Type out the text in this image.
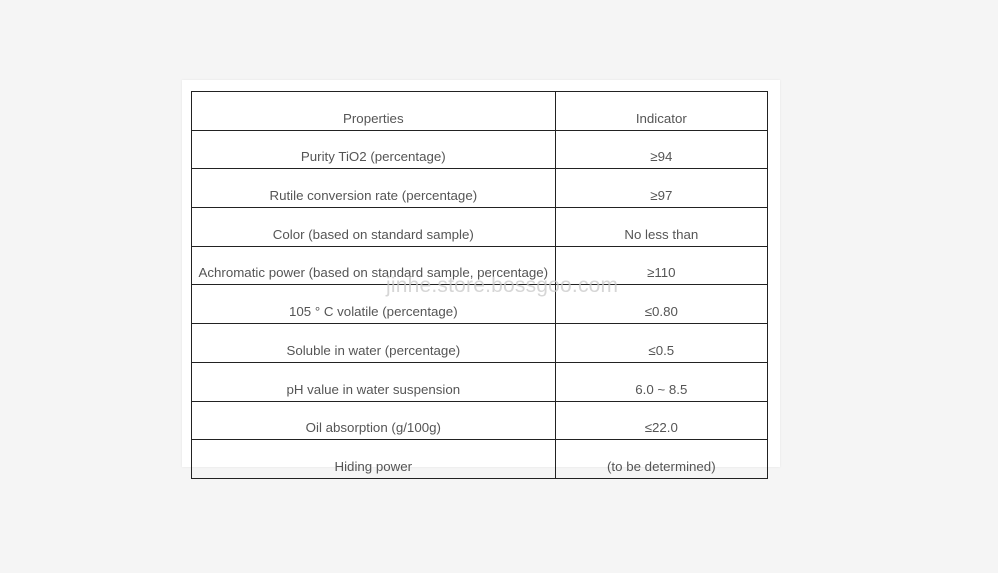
Properties	Indicator
Purity TiO2 (percentage)	≥94
Rutile conversion rate (percentage)	≥97
Color (based on standard sample)	No less than
Achromatic power (based on standard sample, percentage)	≥110
105 ° C volatile (percentage)	≤0.80
Soluble in water (percentage)	≤0.5
pH value in water suspension	6.0 ~ 8.5
Oil absorption (g/100g)	≤22.0
Hiding power	(to be determined)
jinhe.store.bossgoo.com
